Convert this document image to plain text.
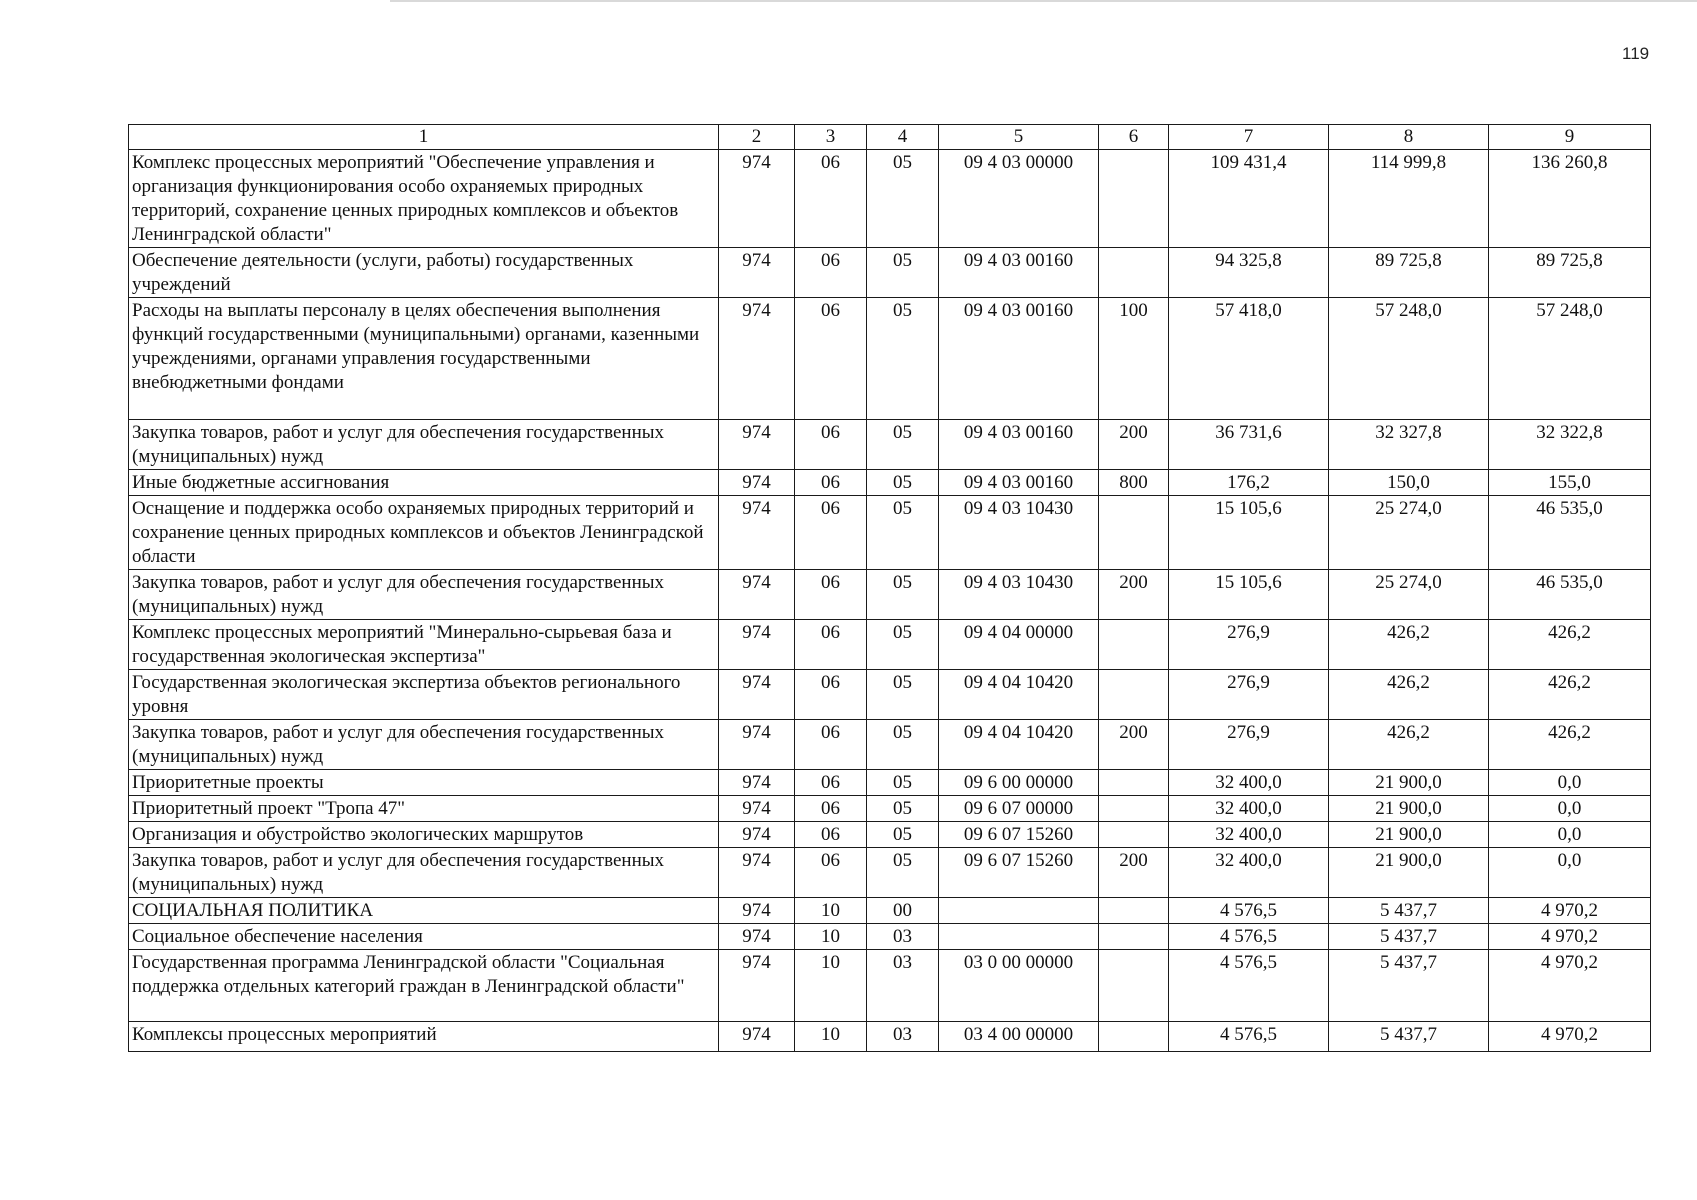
119
1	2	3	4	5	6	7	8	9
Комплекс процессных мероприятий "Обеспечение управления и организация функционирования особо охраняемых природных территорий, сохранение ценных природных комплексов и объектов Ленинградской области"	974	06	05	09 4 03 00000		109 431,4	114 999,8	136 260,8
Обеспечение деятельности (услуги, работы) государственных учреждений	974	06	05	09 4 03 00160		94 325,8	89 725,8	89 725,8
Расходы на выплаты персоналу в целях обеспечения выполнения функций государственными (муниципальными) органами, казенными учреждениями, органами управления государственными внебюджетными фондами	974	06	05	09 4 03 00160	100	57 418,0	57 248,0	57 248,0
Закупка товаров, работ и услуг для обеспечения государственных (муниципальных) нужд	974	06	05	09 4 03 00160	200	36 731,6	32 327,8	32 322,8
Иные бюджетные ассигнования	974	06	05	09 4 03 00160	800	176,2	150,0	155,0
Оснащение и поддержка особо охраняемых природных территорий и сохранение ценных природных комплексов и объектов Ленинградской области	974	06	05	09 4 03 10430		15 105,6	25 274,0	46 535,0
Закупка товаров, работ и услуг для обеспечения государственных (муниципальных) нужд	974	06	05	09 4 03 10430	200	15 105,6	25 274,0	46 535,0
Комплекс процессных мероприятий "Минерально-сырьевая база и государственная экологическая экспертиза"	974	06	05	09 4 04 00000		276,9	426,2	426,2
Государственная экологическая экспертиза объектов регионального уровня	974	06	05	09 4 04 10420		276,9	426,2	426,2
Закупка товаров, работ и услуг для обеспечения государственных (муниципальных) нужд	974	06	05	09 4 04 10420	200	276,9	426,2	426,2
Приоритетные проекты	974	06	05	09 6 00 00000		32 400,0	21 900,0	0,0
Приоритетный проект "Тропа 47"	974	06	05	09 6 07 00000		32 400,0	21 900,0	0,0
Организация и обустройство экологических маршрутов	974	06	05	09 6 07 15260		32 400,0	21 900,0	0,0
Закупка товаров, работ и услуг для обеспечения государственных (муниципальных) нужд	974	06	05	09 6 07 15260	200	32 400,0	21 900,0	0,0
СОЦИАЛЬНАЯ ПОЛИТИКА	974	10	00			4 576,5	5 437,7	4 970,2
Социальное обеспечение населения	974	10	03			4 576,5	5 437,7	4 970,2
Государственная программа Ленинградской области "Социальная поддержка отдельных категорий граждан в Ленинградской области"	974	10	03	03 0 00 00000		4 576,5	5 437,7	4 970,2
Комплексы процессных мероприятий	974	10	03	03 4 00 00000		4 576,5	5 437,7	4 970,2
